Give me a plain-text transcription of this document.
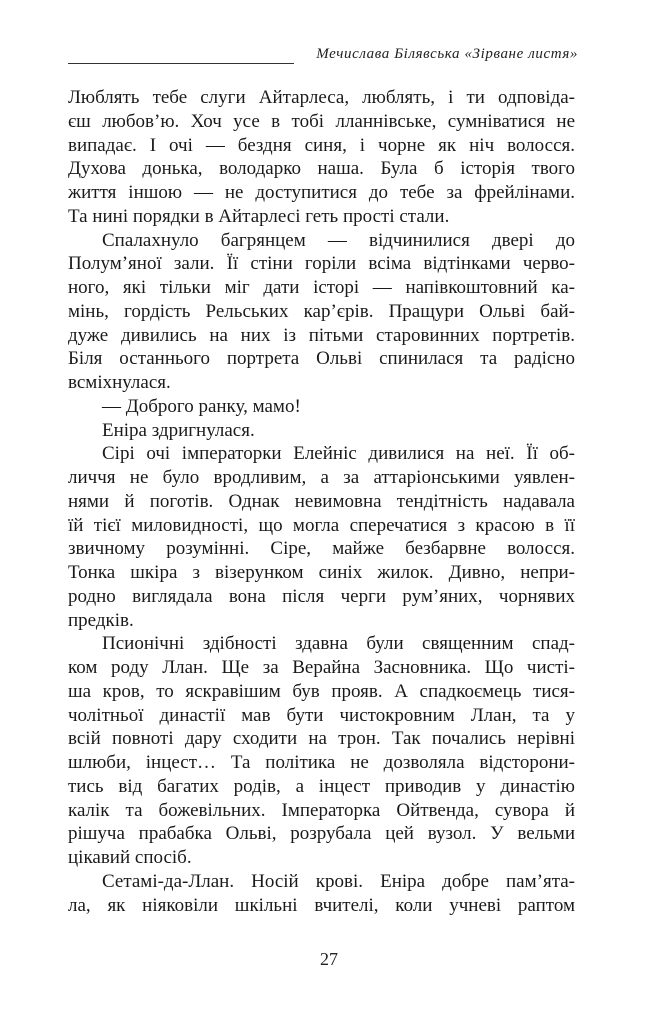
Мечислава Білявська «Зірване листя»
Люблять тебе слуги Айтарлеса, люблять, і ти одповіда-
єш любов’ю. Хоч усе в тобі лланнівське, сумніватися не
випадає. І очі — бездня синя, і чорне як ніч волосся.
Духова донька, володарко наша. Була б історія твого
життя іншою — не доступитися до тебе за фрейлінами.
Та нині порядки в Айтарлесі геть прості стали.
Спалахнуло багрянцем — відчинилися двері до
Полум’яної зали. Її стіни горіли всіма відтінками черво-
ного, які тільки міг дати історі — напівкоштовний ка-
мінь, гордість Рельських кар’єрів. Пращури Ольві бай-
дуже дивились на них із пітьми старовинних портретів.
Біля останнього портрета Ольві спинилася та радісно
всміхнулася.
— Доброго ранку, мамо!
Еніра здригнулася.
Сірі очі імператорки Елейніс дивилися на неї. Її об-
личчя не було вродливим, а за аттаріонськими уявлен-
нями й поготів. Однак невимовна тендітність надавала
їй тієї миловидності, що могла сперечатися з красою в її
звичному розумінні. Сіре, майже безбарвне волосся.
Тонка шкіра з візерунком синіх жилок. Дивно, непри-
родно виглядала вона після черги рум’яних, чорнявих
предків.
Псионічні здібності здавна були священним спад-
ком роду Ллан. Ще за Верайна Засновника. Що чисті-
ша кров, то яскравішим був прояв. А спадкоємець тися-
чолітньої династії мав бути чистокровним Ллан, та у
всій повноті дару сходити на трон. Так почались нерівні
шлюби, інцест… Та політика не дозволяла відсторони-
тись від багатих родів, а інцест приводив у династію
калік та божевільних. Імператорка Ойтвенда, сувора й
рішуча прабабка Ольві, розрубала цей вузол. У вельми
цікавий спосіб.
Сетамі-да-Ллан. Носій крові. Еніра добре пам’ята-
ла, як ніяковіли шкільні вчителі, коли учневі раптом
27
